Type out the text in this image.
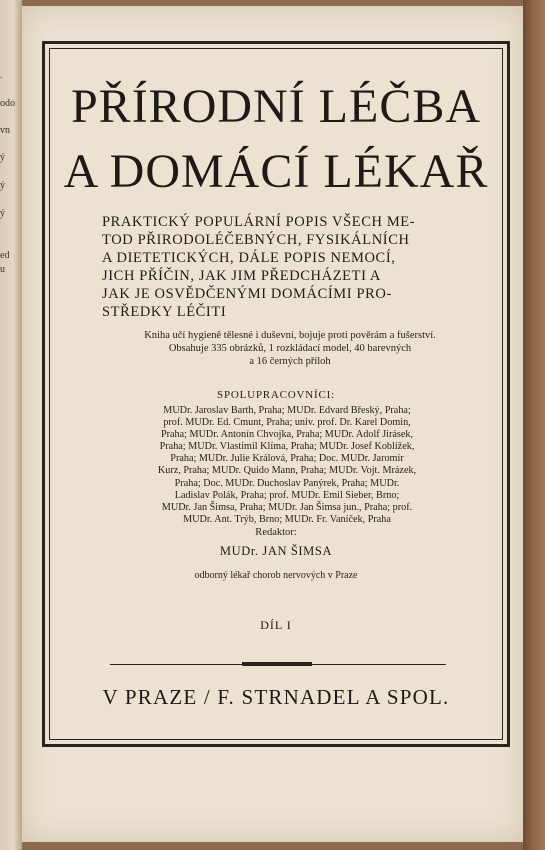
.
odo
vn
ý
ý
ý
ed
u
PŘÍRODNÍ LÉČBA
A DOMÁCÍ LÉKAŘ
PRAKTICKÝ POPULÁRNÍ POPIS VŠECH ME-
TOD PŘIRODOLÉČEBNÝCH, FYSIKÁLNÍCH
A DIETETICKÝCH, DÁLE POPIS NEMOCÍ,
JICH PŘÍČIN, JAK JIM PŘEDCHÁZETI A
JAK JE OSVĚDČENÝMI DOMÁCÍMI PRO-
STŘEDKY LÉČITI
Kniha učí hygieně tělesné i duševní, bojuje proti pověrám a fušerství.
Obsahuje 335 obrázků, 1 rozkládací model, 40 barevných
a 16 černých příloh
SPOLUPRACOVNÍCI:
MUDr. Jaroslav Barth, Praha; MUDr. Edvard Břeský, Praha;
prof. MUDr. Ed. Cmunt, Praha; univ. prof. Dr. Karel Domin,
Praha; MUDr. Antonín Chvojka, Praha; MUDr. Adolf Jirásek,
Praha; MUDr. Vlastimil Klíma, Praha; MUDr. Josef Koblížek,
Praha; MUDr. Julie Králová, Praha; Doc. MUDr. Jaromír
Kurz, Praha; MUDr. Quido Mann, Praha; MUDr. Vojt. Mrázek,
Praha; Doc. MUDr. Duchoslav Panýrek, Praha; MUDr.
Ladislav Polák, Praha; prof. MUDr. Emil Sieber, Brno;
MUDr. Jan Šimsa, Praha; MUDr. Jan Šimsa jun., Praha; prof.
MUDr. Ant. Trýb, Brno; MUDr. Fr. Vaníček, Praha
Redaktor:
MUDr. JAN ŠIMSA
odborný lékař chorob nervových v Praze
DÍL I
V PRAZE / F. STRNADEL A SPOL.
